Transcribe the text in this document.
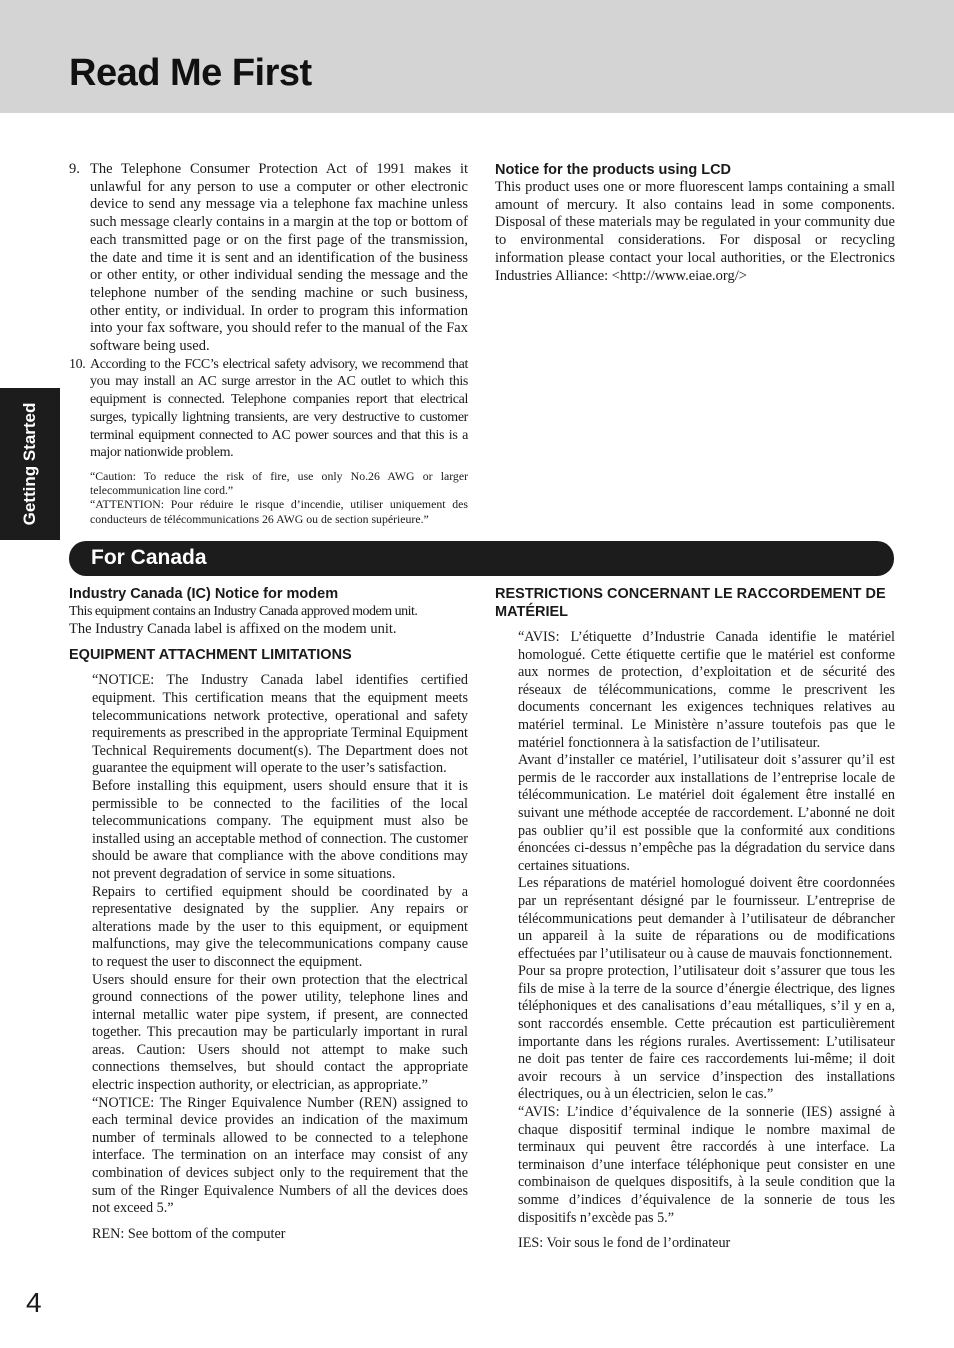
Read Me First
Getting Started
9. The Telephone Consumer Protection Act of 1991 makes it unlawful for any person to use a computer or other electronic device to send any message via a telephone fax machine unless such message clearly contains in a margin at the top or bottom of each transmitted page or on the first page of the transmission, the date and time it is sent and an identification of the business or other entity, or other individual sending the message and the telephone number of the sending machine or such business, other entity, or individual. In order to program this information into your fax software, you should refer to the manual of the Fax software being used.

10. According to the FCC’s electrical safety advisory, we recommend that you may install an AC surge arrestor in the AC outlet to which this equipment is connected. Telephone companies report that electrical surges, typically lightning transients, are very destructive to customer terminal equipment connected to AC power sources and that this is a major nationwide problem.

“Caution: To reduce the risk of fire, use only No.26 AWG or larger telecommunication line cord.”

“ATTENTION: Pour réduire le risque d’incendie, utiliser uniquement des conducteurs de télécommunications 26 AWG ou de section supérieure.”

Notice for the products using LCD

This product uses one or more fluorescent lamps containing a small amount of mercury. It also contains lead in some components. Disposal of these materials may be regulated in your community due to environmental considerations. For disposal or recycling information please contact your local authorities, or the Electronics Industries Alliance: <http://www.eiae.org/>

For Canada

Industry Canada (IC) Notice for modem

This equipment contains an Industry Canada approved modem unit.

The Industry Canada label is affixed on the modem unit.

EQUIPMENT ATTACHMENT LIMITATIONS

“NOTICE: The Industry Canada label identifies certified equipment. This certification means that the equipment meets telecommunications network protective, operational and safety requirements as prescribed in the appropriate Terminal Equipment Technical Requirements document(s). The Department does not guarantee the equipment will operate to the user’s satisfaction.

Before installing this equipment, users should ensure that it is permissible to be connected to the facilities of the local telecommunications company. The equipment must also be installed using an acceptable method of connection. The customer should be aware that compliance with the above conditions may not prevent degradation of service in some situations.

Repairs to certified equipment should be coordinated by a representative designated by the supplier. Any repairs or alterations made by the user to this equipment, or equipment malfunctions, may give the telecommunications company cause to request the user to disconnect the equipment.

Users should ensure for their own protection that the electrical ground connections of the power utility, telephone lines and internal metallic water pipe system, if present, are connected together. This precaution may be particularly important in rural areas. Caution: Users should not attempt to make such connections themselves, but should contact the appropriate electric inspection authority, or electrician, as appropriate.”

“NOTICE: The Ringer Equivalence Number (REN) assigned to each terminal device provides an indication of the maximum number of terminals allowed to be connected to a telephone interface. The termination on an interface may consist of any combination of devices subject only to the requirement that the sum of the Ringer Equivalence Numbers of all the devices does not exceed 5.”

REN: See bottom of the computer

RESTRICTIONS CONCERNANT LE RACCORDEMENT DE MATÉRIEL

“AVIS: L’étiquette d’Industrie Canada identifie le matériel homologué. Cette étiquette certifie que le matériel est conforme aux normes de protection, d’exploitation et de sécurité des réseaux de télécommunications, comme le prescrivent les documents concernant les exigences techniques relatives au matériel terminal. Le Ministère n’assure toutefois pas que le matériel fonctionnera à la satisfaction de l’utilisateur.

Avant d’installer ce matériel, l’utilisateur doit s’assurer qu’il est permis de le raccorder aux installations de l’entreprise locale de télécommunication. Le matériel doit également être installé en suivant une méthode acceptée de raccordement. L’abonné ne doit pas oublier qu’il est possible que la conformité aux conditions énoncées ci-dessus n’empêche pas la dégradation du service dans certaines situations.

Les réparations de matériel homologué doivent être coordonnées par un représentant désigné par le fournisseur. L’entreprise de télécommunications peut demander à l’utilisateur de débrancher un appareil à la suite de réparations ou de modifications effectuées par l’utilisateur ou à cause de mauvais fonctionnement.

Pour sa propre protection, l’utilisateur doit s’assurer que tous les fils de mise à la terre de la source d’énergie électrique, des lignes téléphoniques et des canalisations d’eau métalliques, s’il y en a, sont raccordés ensemble. Cette précaution est particulièrement importante dans les régions rurales. Avertissement: L’utilisateur ne doit pas tenter de faire ces raccordements lui-même; il doit avoir recours à un service d’inspection des installations électriques, ou à un électricien, selon le cas.”

“AVIS: L’indice d’équivalence de la sonnerie (IES) assigné à chaque dispositif terminal indique le nombre maximal de terminaux qui peuvent être raccordés à une interface. La terminaison d’une interface téléphonique peut consister en une combinaison de quelques dispositifs, à la seule condition que la somme d’indices d’équivalence de la sonnerie de tous les dispositifs n’excède pas 5.”

IES: Voir sous le fond de l’ordinateur

4
